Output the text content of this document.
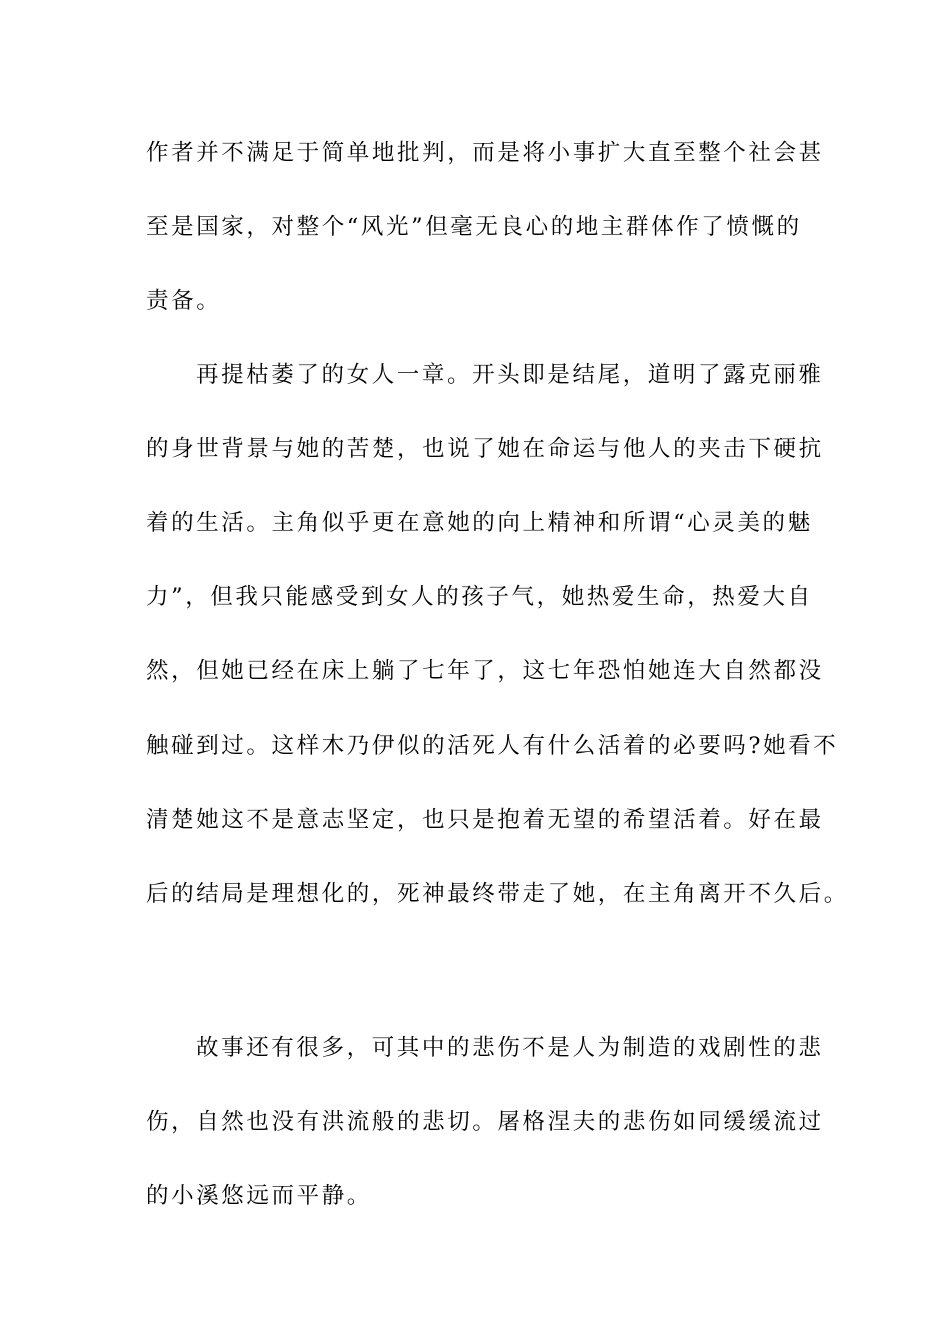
作者并不满足于简单地批判，而是将小事扩大直至整个社会甚
至是国家，对整个“风光”但毫无良心的地主群体作了愤慨的
责备。
再提枯萎了的女人一章。开头即是结尾，道明了露克丽雅
的身世背景与她的苦楚，也说了她在命运与他人的夹击下硬抗
着的生活。主角似乎更在意她的向上精神和所谓“心灵美的魅
力”，但我只能感受到女人的孩子气，她热爱生命，热爱大自
然，但她已经在床上躺了七年了，这七年恐怕她连大自然都没
触碰到过。这样木乃伊似的活死人有什么活着的必要吗?她看不
清楚她这不是意志坚定，也只是抱着无望的希望活着。好在最
后的结局是理想化的，死神最终带走了她，在主角离开不久后。
故事还有很多，可其中的悲伤不是人为制造的戏剧性的悲
伤，自然也没有洪流般的悲切。屠格涅夫的悲伤如同缓缓流过
的小溪悠远而平静。
